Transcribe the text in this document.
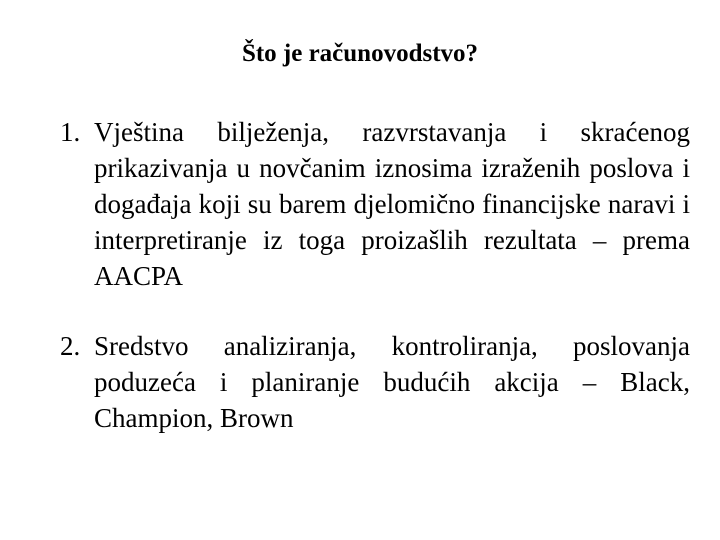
Što je računovodstvo?
1. Vještina bilježenja, razvrstavanja i skraćenog prikazivanja u novčanim iznosima izraženih poslova i događaja koji su barem djelomično financijske naravi i interpretiranje iz toga proizašlih rezultata – prema AACPA
2. Sredstvo analiziranja, kontroliranja, poslovanja poduzeća i planiranje budućih akcija – Black, Champion, Brown
